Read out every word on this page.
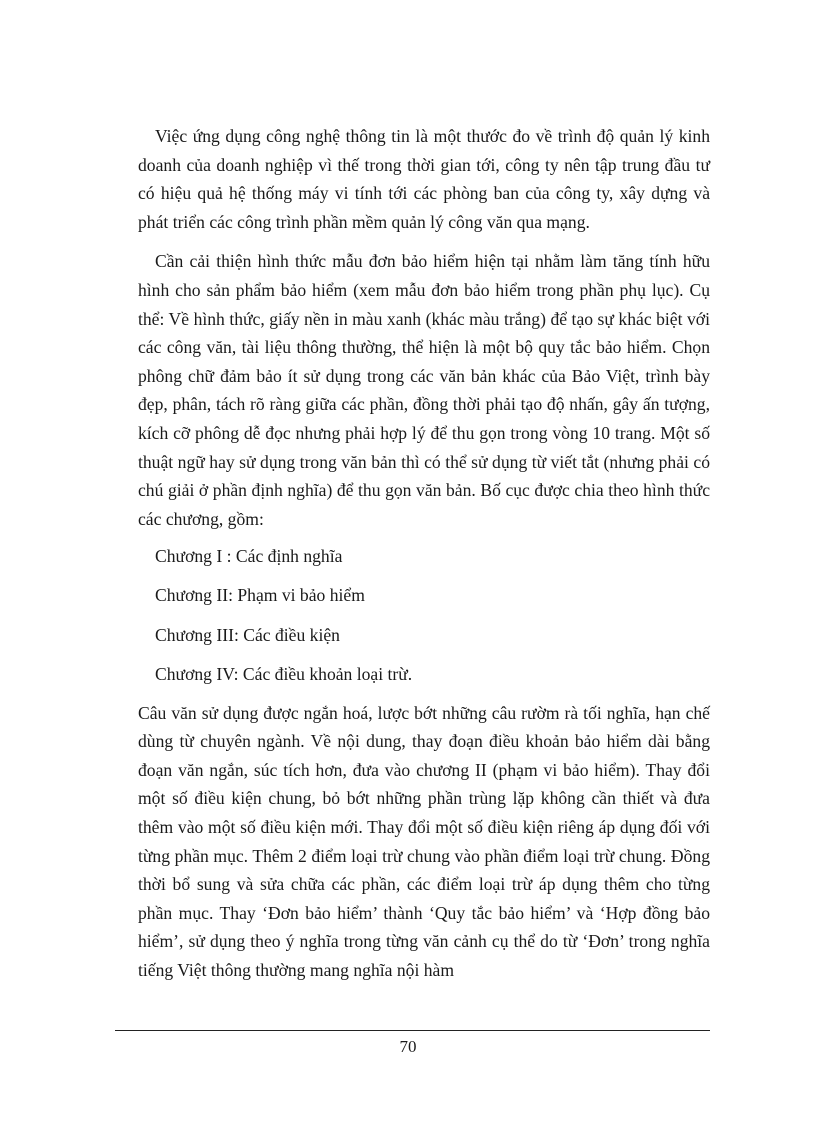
Việc ứng dụng công nghệ thông tin là một thước đo về trình độ quản lý kinh doanh của doanh nghiệp vì thế trong thời gian tới, công ty nên tập trung đầu tư có hiệu quả hệ thống máy vi tính tới các phòng ban của công ty, xây dựng và phát triển các công trình phần mềm quản lý công văn qua mạng.

Cần cải thiện hình thức mẫu đơn bảo hiểm hiện tại nhằm làm tăng tính hữu hình cho sản phẩm bảo hiểm (xem mẫu đơn bảo hiểm trong phần phụ lục). Cụ thể: Về hình thức, giấy nền in màu xanh (khác màu trắng) để tạo sự khác biệt với các công văn, tài liệu thông thường, thể hiện là một bộ quy tắc bảo hiểm. Chọn phông chữ đảm bảo ít sử dụng trong các văn bản khác của Bảo Việt, trình bày đẹp, phân, tách rõ ràng giữa các phần, đồng thời phải tạo độ nhấn, gây ấn tượng, kích cỡ phông dễ đọc nhưng phải hợp lý để thu gọn trong vòng 10 trang. Một số thuật ngữ hay sử dụng trong văn bản thì có thể sử dụng từ viết tắt (nhưng phải có chú giải ở phần định nghĩa) để thu gọn văn bản. Bố cục được chia theo hình thức các chương, gồm:

Chương I : Các định nghĩa
Chương II: Phạm vi bảo hiểm
Chương III: Các điều kiện
Chương IV: Các điều khoản loại trừ.

Câu văn sử dụng được ngắn hoá, lược bớt những câu rườm rà tối nghĩa, hạn chế dùng từ chuyên ngành. Về nội dung, thay đoạn điều khoản bảo hiểm dài bằng đoạn văn ngắn, súc tích hơn, đưa vào chương II (phạm vi bảo hiểm). Thay đổi một số điều kiện chung, bỏ bớt những phần trùng lặp không cần thiết và đưa thêm vào một số điều kiện mới. Thay đổi một số điều kiện riêng áp dụng đối với từng phần mục. Thêm 2 điểm loại trừ chung vào phần điểm loại trừ chung. Đồng thời bổ sung và sửa chữa các phần, các điểm loại trừ áp dụng thêm cho từng phần mục. Thay ‘Đơn bảo hiểm’ thành ‘Quy tắc bảo hiểm’ và ‘Hợp đồng bảo hiểm’, sử dụng theo ý nghĩa trong từng văn cảnh cụ thể do từ ‘Đơn’ trong nghĩa tiếng Việt thông thường mang nghĩa nội hàm

70
